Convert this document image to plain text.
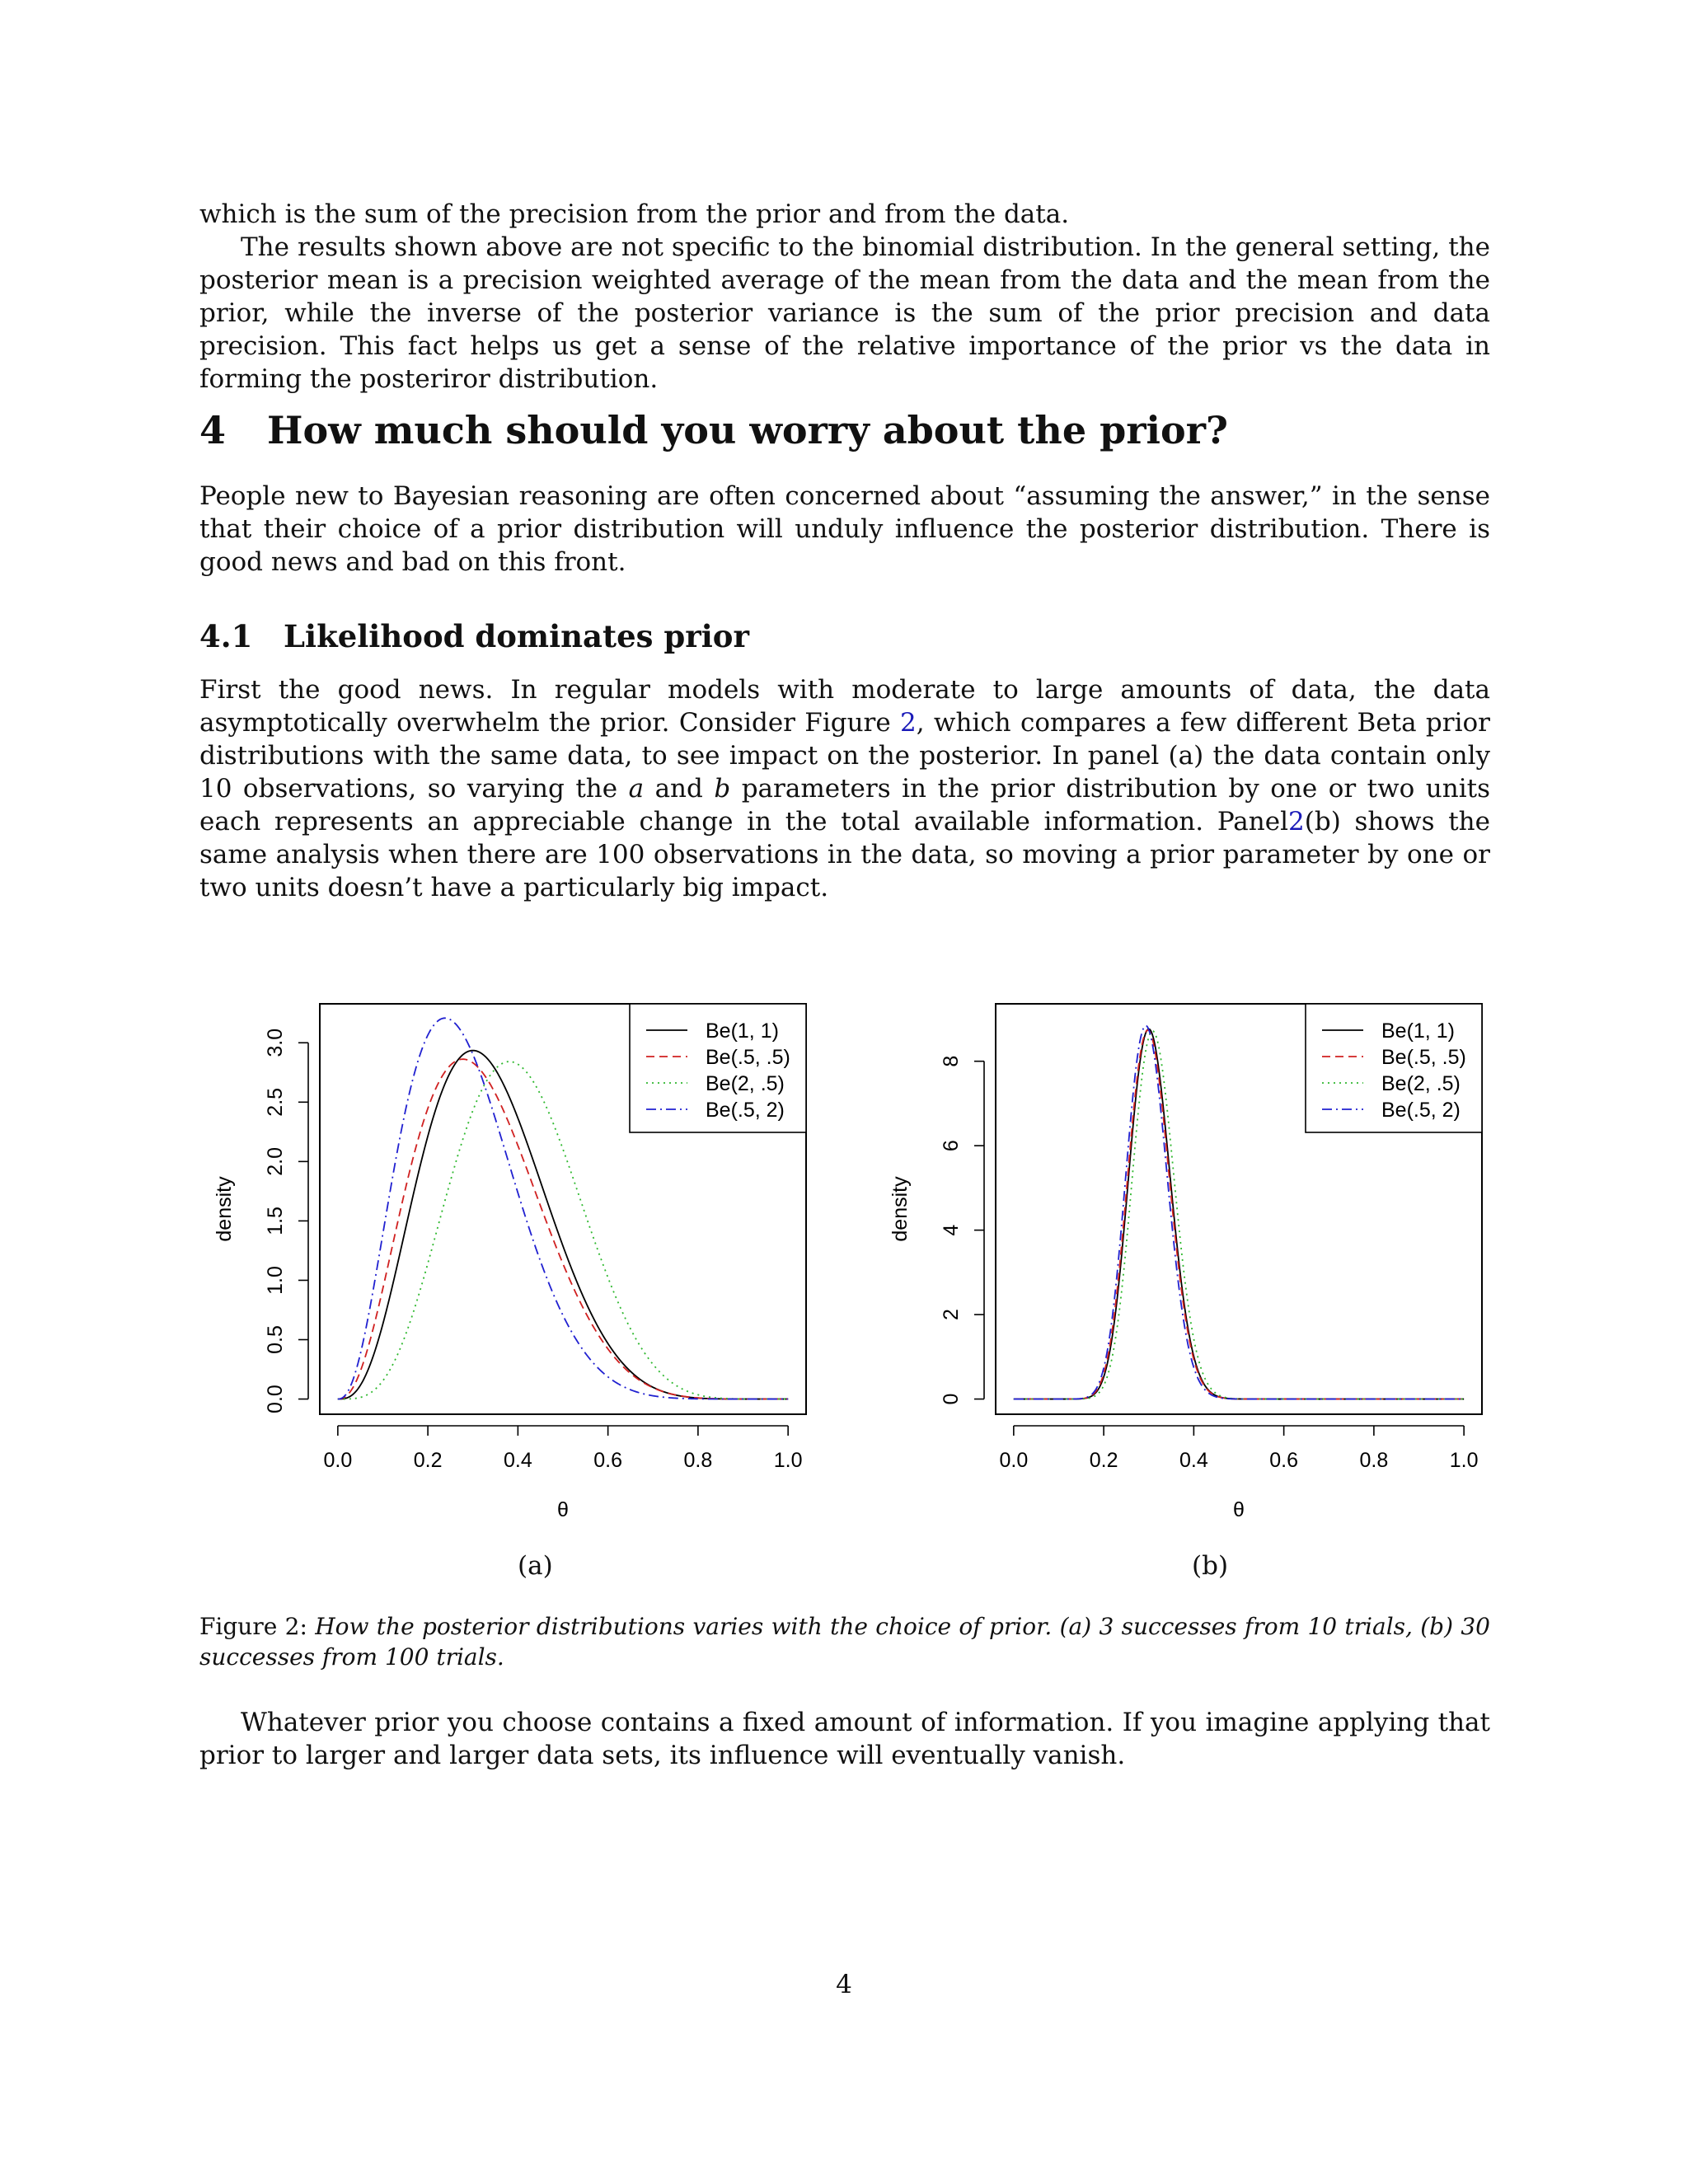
which is the sum of the precision from the prior and from the data.

The results shown above are not specific to the binomial distribution. In the general setting, the posterior mean is a precision weighted average of the mean from the data and the mean from the prior, while the inverse of the posterior variance is the sum of the prior precision and data precision. This fact helps us get a sense of the relative importance of the prior vs the data in forming the posteriror distribution.

4 How much should you worry about the prior?

People new to Bayesian reasoning are often concerned about “assuming the answer,” in the sense that their choice of a prior distribution will unduly influence the posterior distribution. There is good news and bad on this front.

4.1 Likelihood dominates prior

First the good news. In regular models with moderate to large amounts of data, the data asymptotically overwhelm the prior. Consider Figure 2, which compares a few different Beta prior distributions with the same data, to see impact on the posterior. In panel (a) the data contain only 10 observations, so varying the a and b parameters in the prior distribution by one or two units each represents an appreciable change in the total available information. Panel2(b) shows the same analysis when there are 100 observations in the data, so moving a prior parameter by one or two units doesn’t have a particularly big impact.

0.0	0.2	0.4	0.6	0.8	1.0
θ
0.0
0.5
1.0
1.5
2.0
2.5
3.0
density
Be(1, 1)
Be(.5, .5)
Be(2, .5)
Be(.5, 2)
0.0	0.2	0.4	0.6	0.8	1.0
θ
0
2
4
6
8
density
Be(1, 1)
Be(.5, .5)
Be(2, .5)
Be(.5, 2)
(a)	(b)
Figure 2: How the posterior distributions varies with the choice of prior. (a) 3 successes from 10 trials, (b) 30 successes from 100 trials.

Whatever prior you choose contains a fixed amount of information. If you imagine applying that prior to larger and larger data sets, its influence will eventually vanish.

4
